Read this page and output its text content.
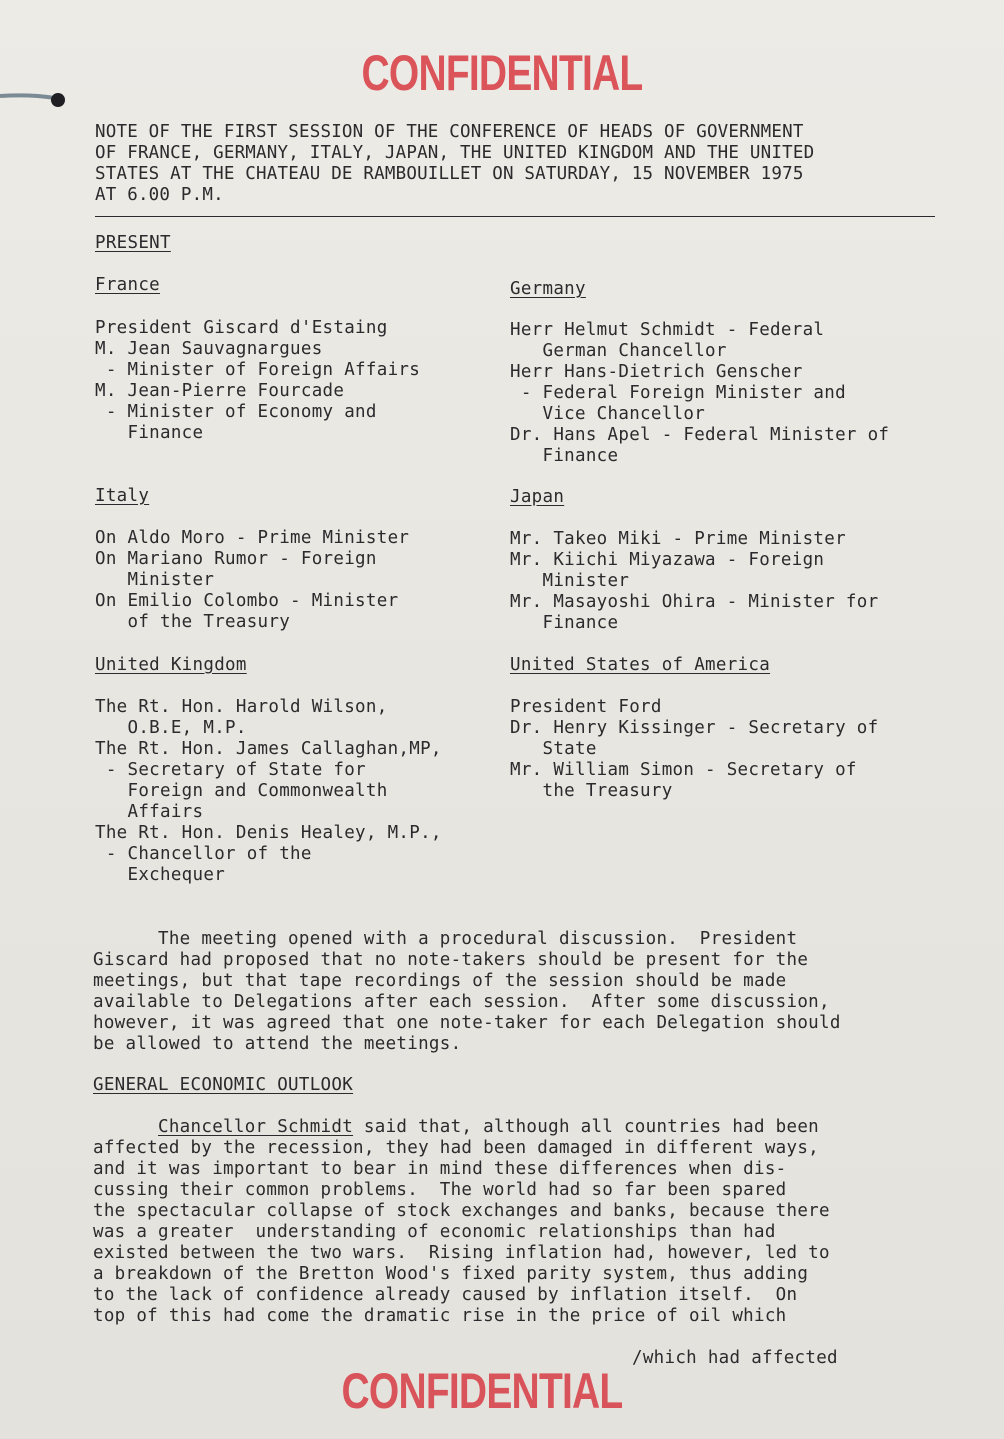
CONFIDENTIAL
NOTE OF THE FIRST SESSION OF THE CONFERENCE OF HEADS OF GOVERNMENT
OF FRANCE, GERMANY, ITALY, JAPAN, THE UNITED KINGDOM AND THE UNITED
STATES AT THE CHATEAU DE RAMBOUILLET ON SATURDAY, 15 NOVEMBER 1975
AT 6.00 P.M.
PRESENT
France
President Giscard d'Estaing
M. Jean Sauvagnargues
- Minister of Foreign Affairs
M. Jean-Pierre Fourcade
- Minister of Economy and
Finance
Germany
Herr Helmut Schmidt - Federal
German Chancellor
Herr Hans-Dietrich Genscher
- Federal Foreign Minister and
Vice Chancellor
Dr. Hans Apel - Federal Minister of
Finance
Italy
On Aldo Moro - Prime Minister
On Mariano Rumor - Foreign
Minister
On Emilio Colombo - Minister
of the Treasury
Japan
Mr. Takeo Miki - Prime Minister
Mr. Kiichi Miyazawa - Foreign
Minister
Mr. Masayoshi Ohira - Minister for
Finance
United Kingdom
The Rt. Hon. Harold Wilson,
O.B.E, M.P.
The Rt. Hon. James Callaghan,MP,
- Secretary of State for
Foreign and Commonwealth
Affairs
The Rt. Hon. Denis Healey, M.P.,
- Chancellor of the
Exchequer
United States of America
President Ford
Dr. Henry Kissinger - Secretary of
State
Mr. William Simon - Secretary of
the Treasury
The meeting opened with a procedural discussion.  President
Giscard had proposed that no note-takers should be present for the
meetings, but that tape recordings of the session should be made
available to Delegations after each session.  After some discussion,
however, it was agreed that one note-taker for each Delegation should
be allowed to attend the meetings.
GENERAL ECONOMIC OUTLOOK
Chancellor Schmidt said that, although all countries had been
affected by the recession, they had been damaged in different ways,
and it was important to bear in mind these differences when dis-
cussing their common problems.  The world had so far been spared
the spectacular collapse of stock exchanges and banks, because there
was a greater  understanding of economic relationships than had
existed between the two wars.  Rising inflation had, however, led to
a breakdown of the Bretton Wood's fixed parity system, thus adding
to the lack of confidence already caused by inflation itself.  On
top of this had come the dramatic rise in the price of oil which
/which had affected
CONFIDENTIAL
